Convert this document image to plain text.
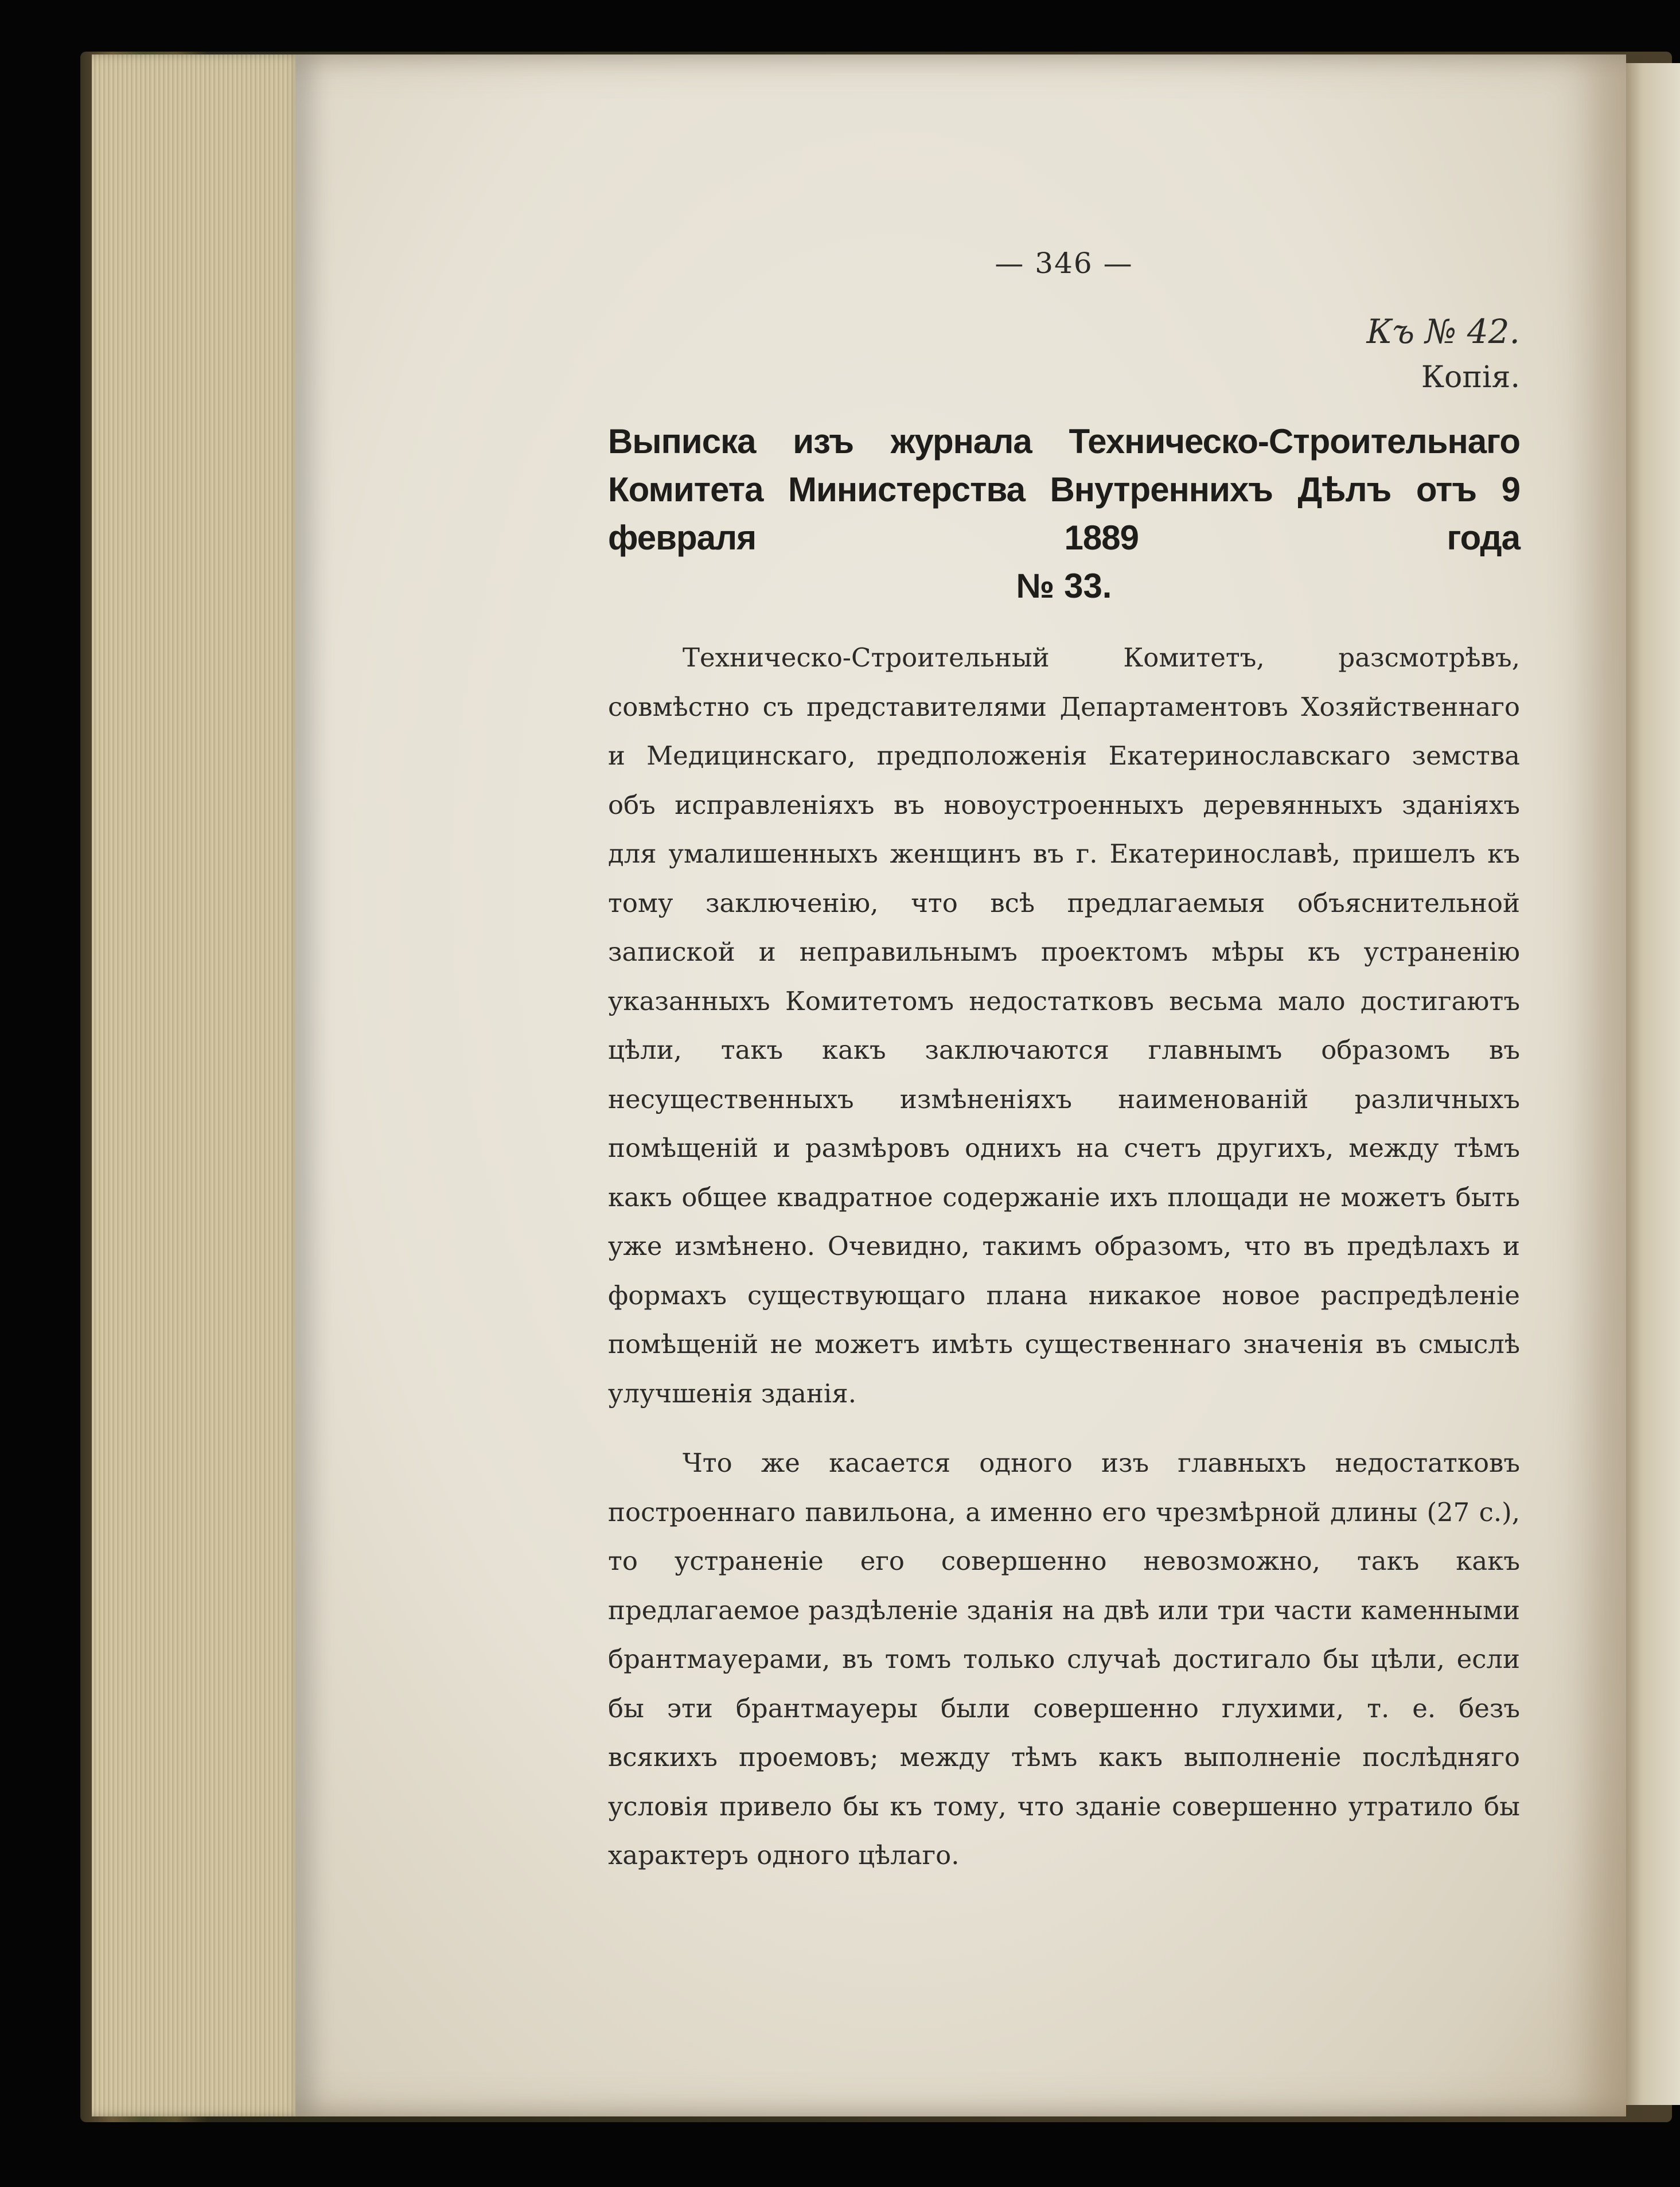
— 346 —

Къ № 42.

Копія.

Выписка изъ журнала Техническо-Строительнаго Комитета Министерства Внутреннихъ Дѣлъ отъ 9 февраля 1889 года

№ 33.

Техническо-Строительный Комитетъ, разсмотрѣвъ, совмѣстно съ представителями Департаментовъ Хозяйственнаго и Медицинскаго, предположенія Екатеринославскаго земства объ исправленіяхъ въ новоустроенныхъ деревянныхъ зданіяхъ для умалишенныхъ женщинъ въ г. Екатеринославѣ, пришелъ къ тому заключенію, что всѣ предлагаемыя объяснительной запиской и неправильнымъ проектомъ мѣры къ устраненію указанныхъ Комитетомъ недостатковъ весьма мало достигаютъ цѣли, такъ какъ заключаются главнымъ образомъ въ несущественныхъ измѣненіяхъ наименованій различныхъ помѣщеній и размѣровъ однихъ на счетъ другихъ, между тѣмъ какъ общее квадратное содержаніе ихъ площади не можетъ быть уже измѣнено. Очевидно, такимъ образомъ, что въ предѣлахъ и формахъ существующаго плана никакое новое распредѣленіе помѣщеній не можетъ имѣть существеннаго значенія въ смыслѣ улучшенія зданія.

Что же касается одного изъ главныхъ недостатковъ построеннаго павильона, а именно его чрезмѣрной длины (27 с.), то устраненіе его совершенно невозможно, такъ какъ предлагаемое раздѣленіе зданія на двѣ или три части каменными брантмауерами, въ томъ только случаѣ достигало бы цѣли, если бы эти брантмауеры были совершенно глухими, т. е. безъ всякихъ проемовъ; между тѣмъ какъ выполненіе послѣдняго условія привело бы къ тому, что зданіе совершенно утратило бы характеръ одного цѣлаго.
